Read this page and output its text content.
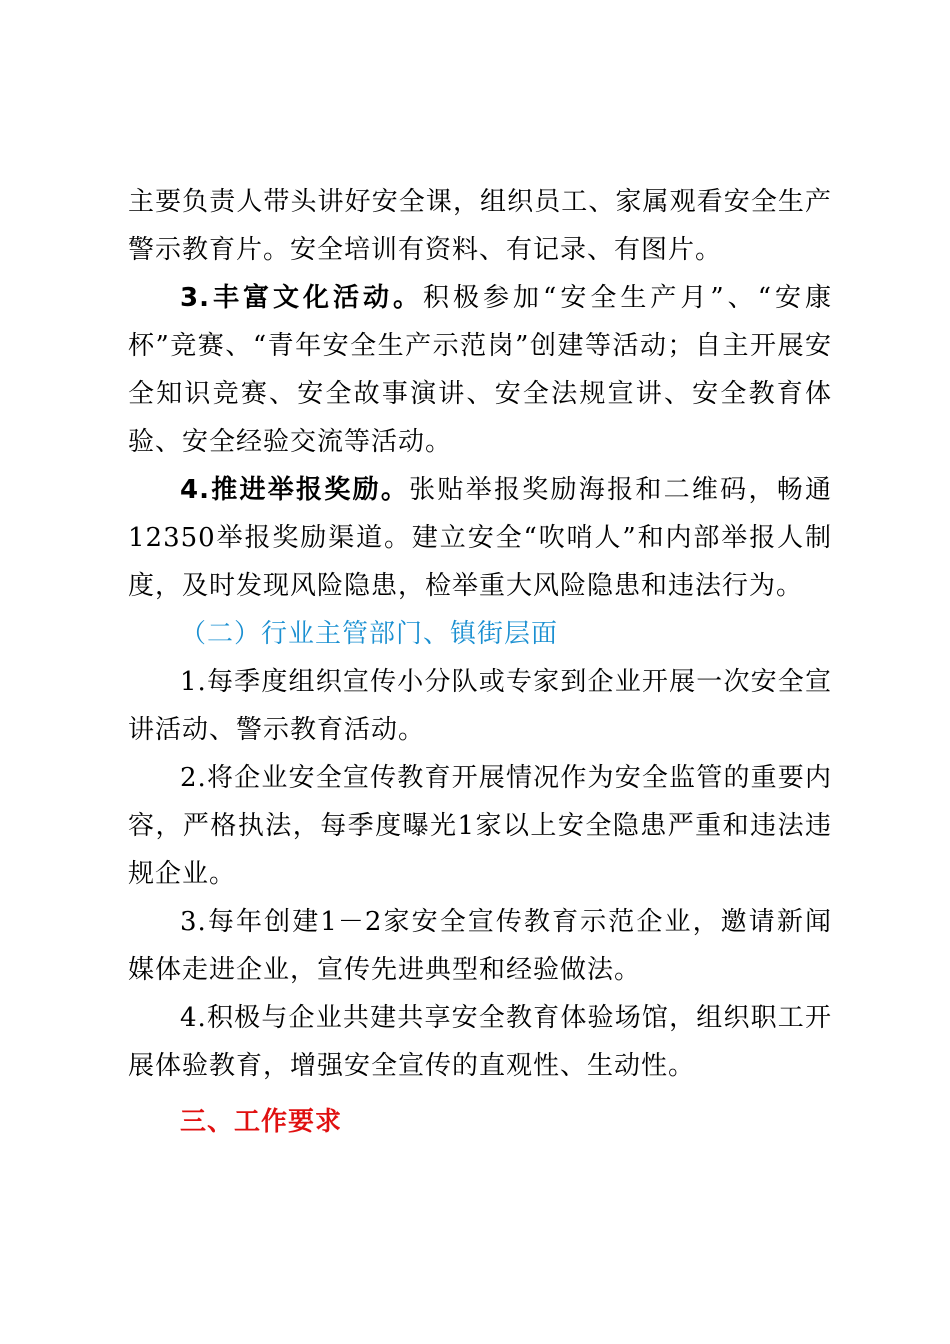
主要负责人带头讲好安全课，组织员工、家属观看安全生产警示教育片。安全培训有资料、有记录、有图片。

3.丰富文化活动。积极参加“安全生产月”、“安康杯”竞赛、“青年安全生产示范岗”创建等活动；自主开展安全知识竞赛、安全故事演讲、安全法规宣讲、安全教育体验、安全经验交流等活动。

4.推进举报奖励。张贴举报奖励海报和二维码，畅通12350举报奖励渠道。建立安全“吹哨人”和内部举报人制度，及时发现风险隐患，检举重大风险隐患和违法行为。

（二）行业主管部门、镇街层面

1.每季度组织宣传小分队或专家到企业开展一次安全宣讲活动、警示教育活动。

2.将企业安全宣传教育开展情况作为安全监管的重要内容，严格执法，每季度曝光1家以上安全隐患严重和违法违规企业。

3.每年创建1－2家安全宣传教育示范企业，邀请新闻媒体走进企业，宣传先进典型和经验做法。

4.积极与企业共建共享安全教育体验场馆，组织职工开展体验教育，增强安全宣传的直观性、生动性。

三、工作要求
